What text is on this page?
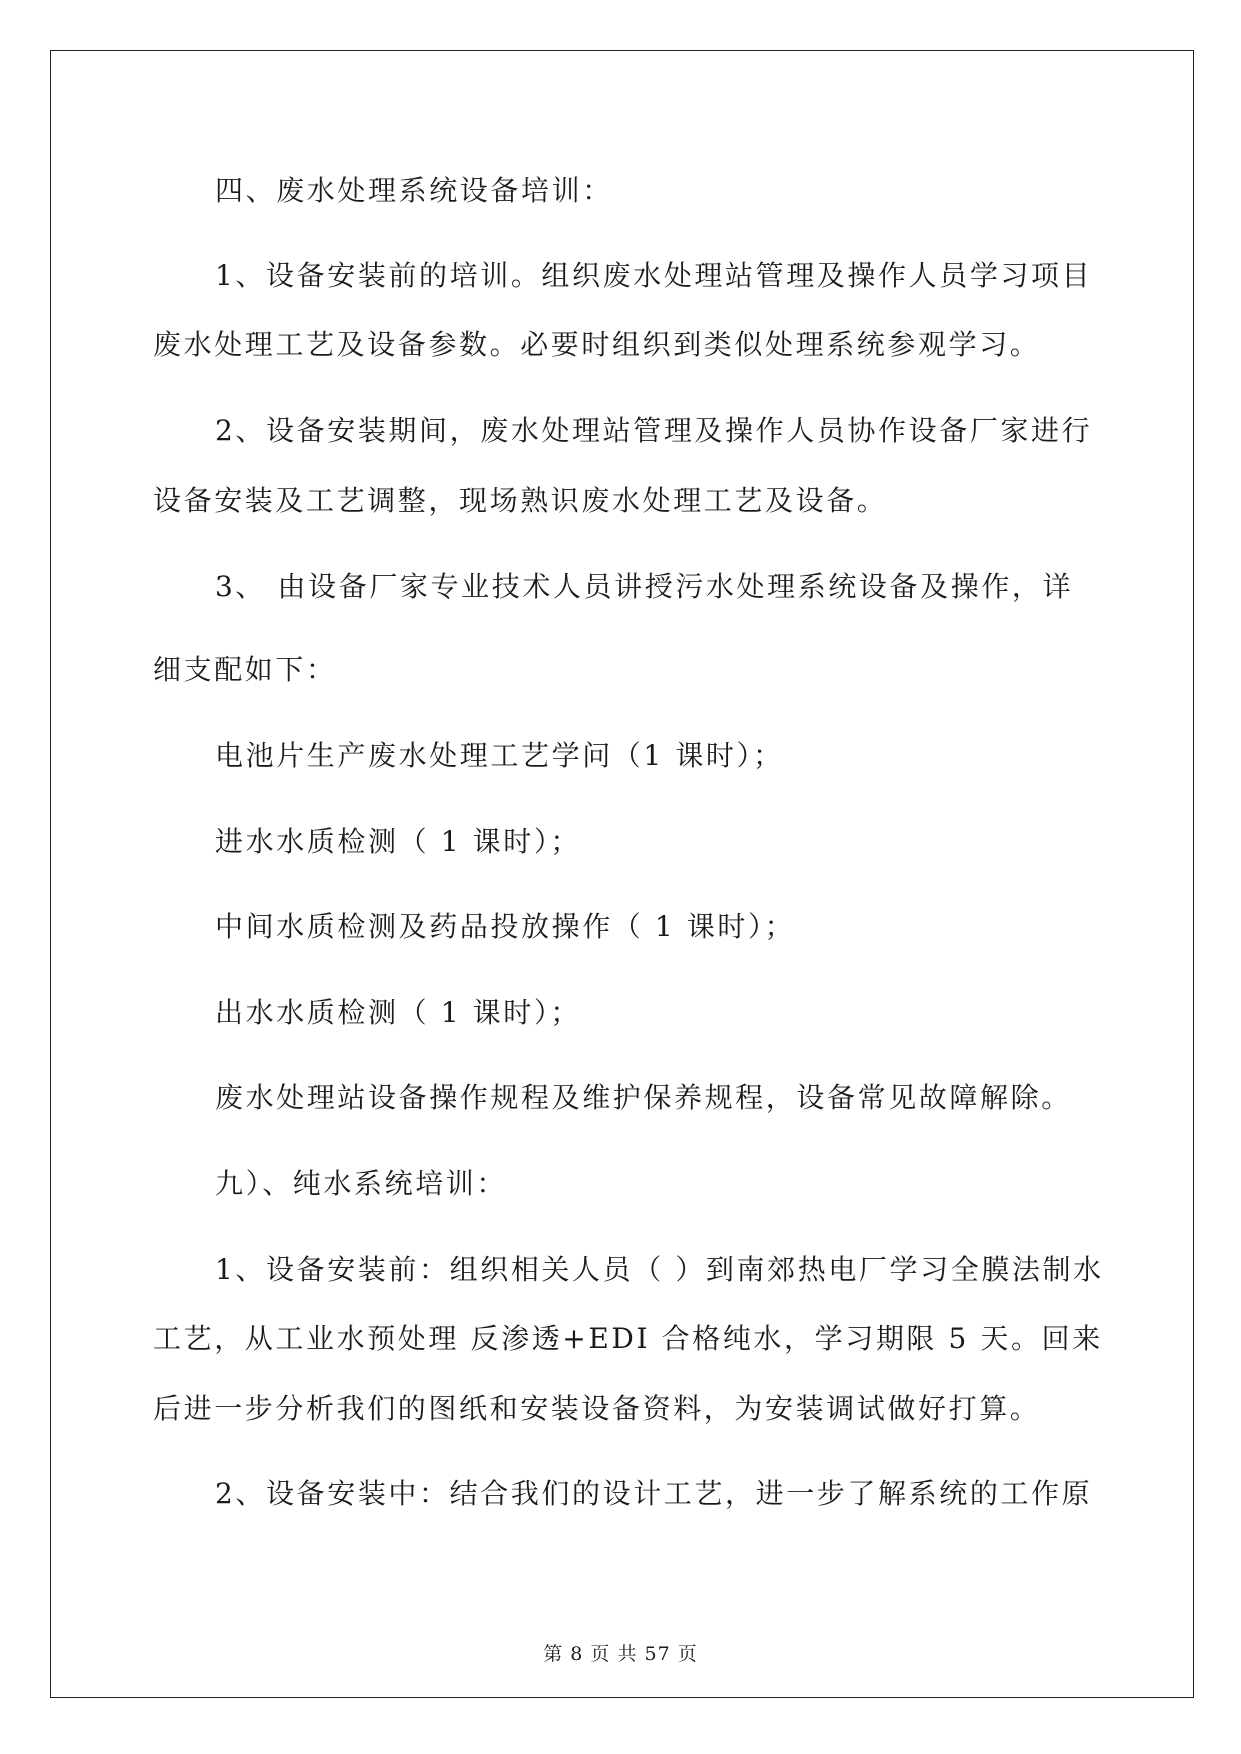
四、废水处理系统设备培训：
1、设备安装前的培训。组织废水处理站管理及操作人员学习项目
废水处理工艺及设备参数。必要时组织到类似处理系统参观学习。
2、设备安装期间，废水处理站管理及操作人员协作设备厂家进行
设备安装及工艺调整，现场熟识废水处理工艺及设备。
3、 由设备厂家专业技术人员讲授污水处理系统设备及操作，详
细支配如下：
电池片生产废水处理工艺学问（1 课时）；
进水水质检测（ 1 课时）；
中间水质检测及药品投放操作（ 1 课时）；
出水水质检测（ 1 课时）；
废水处理站设备操作规程及维护保养规程，设备常见故障解除。
九）、纯水系统培训：
1、设备安装前：组织相关人员（ ）到南郊热电厂学习全膜法制水
工艺，从工业水预处理 反渗透+EDI 合格纯水，学习期限 5 天。回来
后进一步分析我们的图纸和安装设备资料，为安装调试做好打算。
2、设备安装中：结合我们的设计工艺，进一步了解系统的工作原
第 8 页 共 57 页
